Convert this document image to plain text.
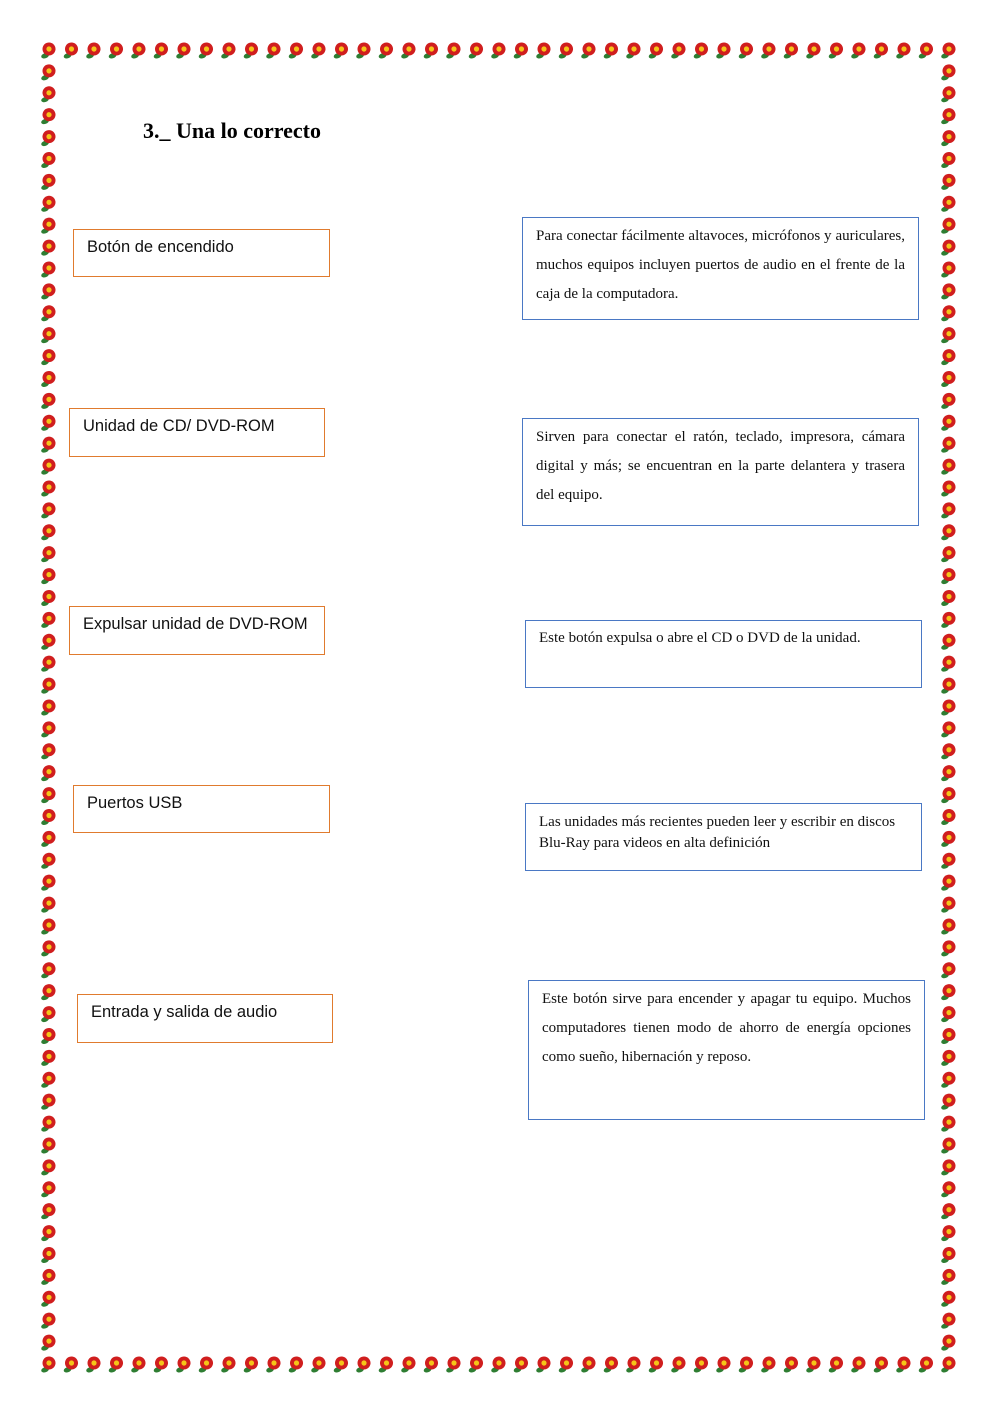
3._ Una lo correcto
Botón de encendido
Unidad de CD/ DVD-ROM
Expulsar unidad de DVD-ROM
Puertos USB
Entrada y salida de audio
Para conectar fácilmente altavoces, micrófonos y auriculares, muchos equipos incluyen puertos de audio en el frente de la caja de la computadora.
Sirven para conectar el ratón, teclado, impresora, cámara digital y más; se encuentran en la parte delantera y trasera del equipo.
Este botón expulsa o abre el CD o DVD de la unidad.
Las unidades más recientes pueden leer y escribir en discos Blu-Ray para videos en alta definición
Este botón sirve para encender y apagar tu equipo. Muchos computadores tienen modo de ahorro de energía opciones como sueño, hibernación y reposo.
